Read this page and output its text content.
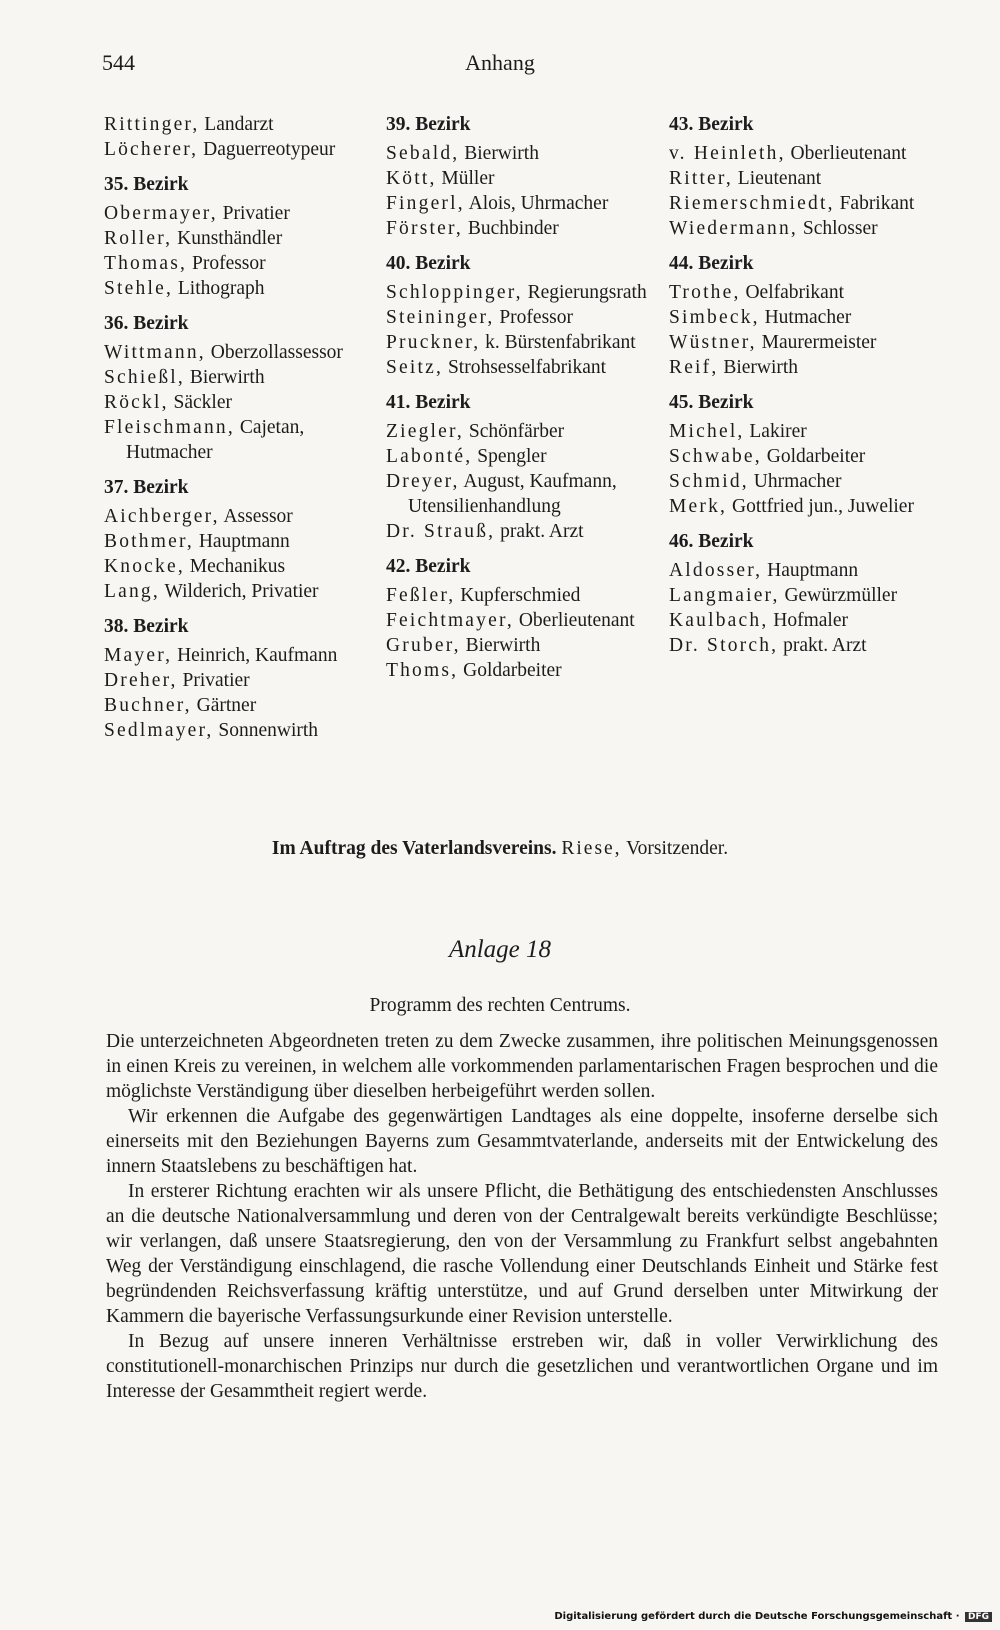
544	Anhang
Rittinger, Landarzt
Löcherer, Daguerreotypeur
35. Bezirk
Obermayer, Privatier
Roller, Kunsthändler
Thomas, Professor
Stehle, Lithograph
36. Bezirk
Wittmann, Oberzollassessor
Schießl, Bierwirth
Röckl, Säckler
Fleischmann, Cajetan, Hutmacher
37. Bezirk
Aichberger, Assessor
Bothmer, Hauptmann
Knocke, Mechanikus
Lang, Wilderich, Privatier
38. Bezirk
Mayer, Heinrich, Kaufmann
Dreher, Privatier
Buchner, Gärtner
Sedlmayer, Sonnenwirth
39. Bezirk
Sebald, Bierwirth
Kött, Müller
Fingerl, Alois, Uhrmacher
Förster, Buchbinder
40. Bezirk
Schloppinger, Regierungsrath
Steininger, Professor
Pruckner, k. Bürstenfabrikant
Seitz, Strohsesselfabrikant
41. Bezirk
Ziegler, Schönfärber
Labonté, Spengler
Dreyer, August, Kaufmann, Utensilienhandlung
Dr. Strauß, prakt. Arzt
42. Bezirk
Feßler, Kupferschmied
Feichtmayer, Oberlieutenant
Gruber, Bierwirth
Thoms, Goldarbeiter
43. Bezirk
v. Heinleth, Oberlieutenant
Ritter, Lieutenant
Riemerschmiedt, Fabrikant
Wiedermann, Schlosser
44. Bezirk
Trothe, Oelfabrikant
Simbeck, Hutmacher
Wüstner, Maurermeister
Reif, Bierwirth
45. Bezirk
Michel, Lakirer
Schwabe, Goldarbeiter
Schmid, Uhrmacher
Merk, Gottfried jun., Juwelier
46. Bezirk
Aldosser, Hauptmann
Langmaier, Gewürzmüller
Kaulbach, Hofmaler
Dr. Storch, prakt. Arzt
Im Auftrag des Vaterlandsvereins. Riese, Vorsitzender.
Anlage 18
Programm des rechten Centrums.

Die unterzeichneten Abgeordneten treten zu dem Zwecke zusammen, ihre politischen Meinungsgenossen in einen Kreis zu vereinen, in welchem alle vorkommenden parlamentarischen Fragen besprochen und die möglichste Verständigung über dieselben herbeigeführt werden sollen.

Wir erkennen die Aufgabe des gegenwärtigen Landtages als eine doppelte, insoferne derselbe sich einerseits mit den Beziehungen Bayerns zum Gesammtvaterlande, anderseits mit der Entwickelung des innern Staatslebens zu beschäftigen hat.

In ersterer Richtung erachten wir als unsere Pflicht, die Bethätigung des entschiedensten Anschlusses an die deutsche Nationalversammlung und deren von der Centralgewalt bereits verkündigte Beschlüsse; wir verlangen, daß unsere Staatsregierung, den von der Versammlung zu Frankfurt selbst angebahnten Weg der Verständigung einschlagend, die rasche Vollendung einer Deutschlands Einheit und Stärke fest begründenden Reichsverfassung kräftig unterstütze, und auf Grund derselben unter Mitwirkung der Kammern die bayerische Verfassungsurkunde einer Revision unterstelle.

In Bezug auf unsere inneren Verhältnisse erstreben wir, daß in voller Verwirklichung des constitutionell-monarchischen Prinzips nur durch die gesetzlichen und verantwortlichen Organe und im Interesse der Gesammtheit regiert werde.

Digitalisierung gefördert durch die Deutsche Forschungsgemeinschaft · DFG
